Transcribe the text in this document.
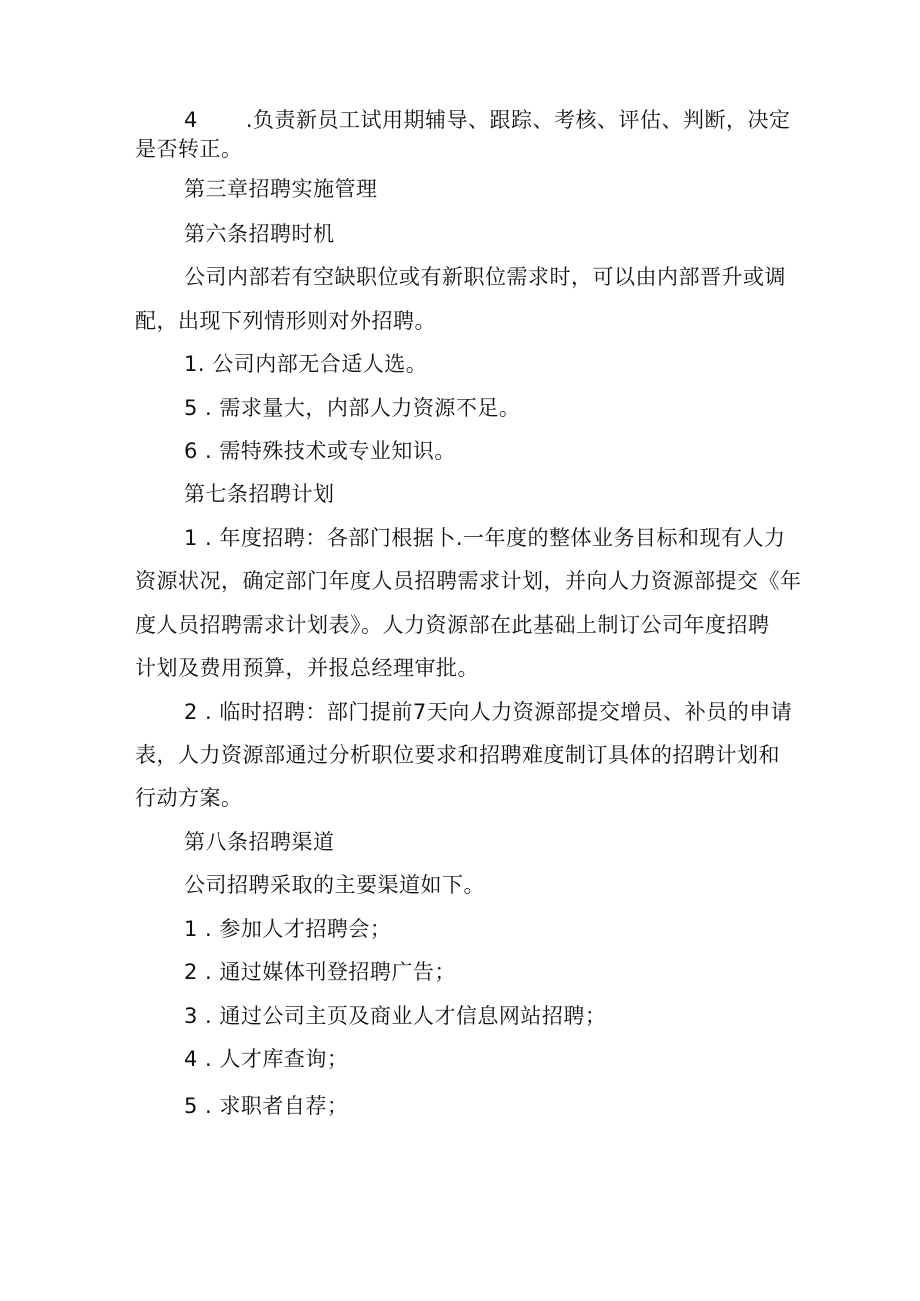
4 .负责新员工试用期辅导、跟踪、考核、评估、判断，决定
是否转正。
第三章招聘实施管理
第六条招聘时机
公司内部若有空缺职位或有新职位需求时，可以由内部晋升或调
配，出现下列情形则对外招聘。
1. 公司内部无合适人选。
5 . 需求量大，内部人力资源不足。
6 . 需特殊技术或专业知识。
第七条招聘计划
1 . 年度招聘：各部门根据卜.一年度的整体业务目标和现有人力
资源状况，确定部门年度人员招聘需求计划，并向人力资源部提交《年
度人员招聘需求计划表》。人力资源部在此基础上制订公司年度招聘
计划及费用预算，并报总经理审批。
2 . 临时招聘：部门提前7天向人力资源部提交增员、补员的申请
表，人力资源部通过分析职位要求和招聘难度制订具体的招聘计划和
行动方案。
第八条招聘渠道
公司招聘采取的主要渠道如下。
1 . 参加人才招聘会；
2 . 通过媒体刊登招聘广告；
3 . 通过公司主页及商业人才信息网站招聘；
4 . 人才库查询；
5 . 求职者自荐；
